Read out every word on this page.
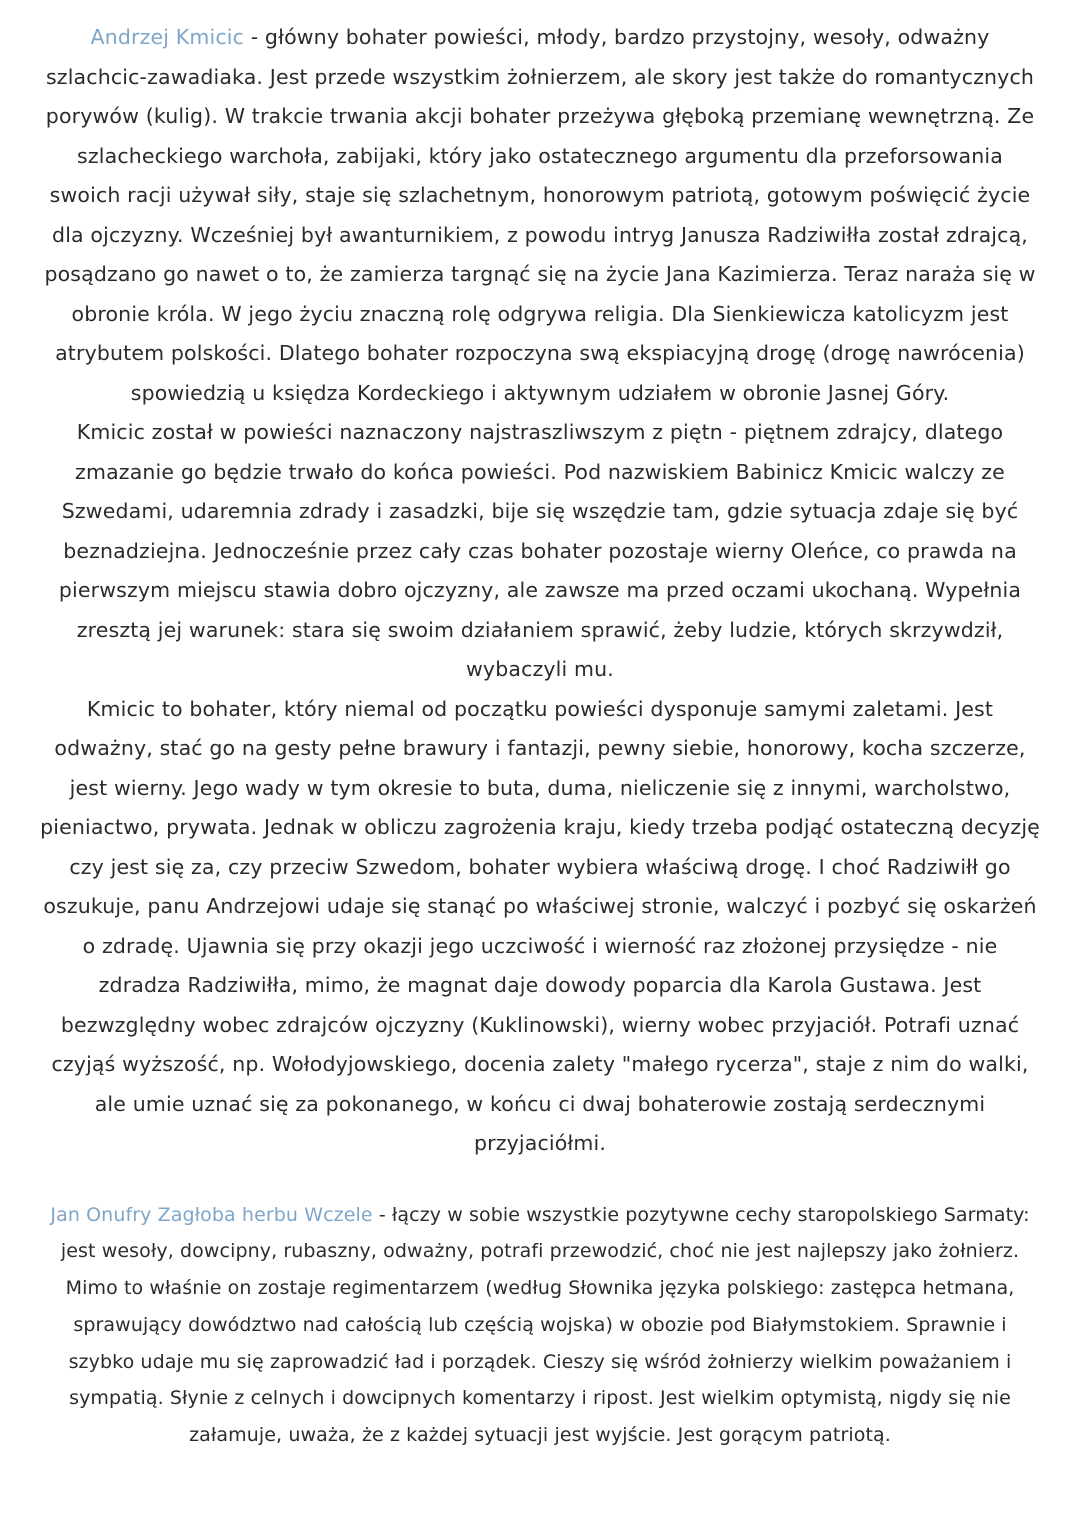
Andrzej Kmicic - główny bohater powieści, młody, bardzo przystojny, wesoły, odważny szlachcic-zawadiaka. Jest przede wszystkim żołnierzem, ale skory jest także do romantycznych porywów (kulig). W trakcie trwania akcji bohater przeżywa głęboką przemianę wewnętrzną. Ze szlacheckiego warchoła, zabijaki, który jako ostatecznego argumentu dla przeforsowania swoich racji używał siły, staje się szlachetnym, honorowym patriotą, gotowym poświęcić życie dla ojczyzny. Wcześniej był awanturnikiem, z powodu intryg Janusza Radziwiłła został zdrajcą, posądzano go nawet o to, że zamierza targnąć się na życie Jana Kazimierza. Teraz naraża się w obronie króla. W jego życiu znaczną rolę odgrywa religia. Dla Sienkiewicza katolicyzm jest atrybutem polskości. Dlatego bohater rozpoczyna swą ekspiacyjną drogę (drogę nawrócenia) spowiedzią u księdza Kordeckiego i aktywnym udziałem w obronie Jasnej Góry.

Kmicic został w powieści naznaczony najstraszliwszym z piętn - piętnem zdrajcy, dlatego zmazanie go będzie trwało do końca powieści. Pod nazwiskiem Babinicz Kmicic walczy ze Szwedami, udaremnia zdrady i zasadzki, bije się wszędzie tam, gdzie sytuacja zdaje się być beznadziejna. Jednocześnie przez cały czas bohater pozostaje wierny Oleńce, co prawda na pierwszym miejscu stawia dobro ojczyzny, ale zawsze ma przed oczami ukochaną. Wypełnia zresztą jej warunek: stara się swoim działaniem sprawić, żeby ludzie, których skrzywdził, wybaczyli mu.

Kmicic to bohater, który niemal od początku powieści dysponuje samymi zaletami. Jest odważny, stać go na gesty pełne brawury i fantazji, pewny siebie, honorowy, kocha szczerze, jest wierny. Jego wady w tym okresie to buta, duma, nieliczenie się z innymi, warcholstwo, pieniactwo, prywata. Jednak w obliczu zagrożenia kraju, kiedy trzeba podjąć ostateczną decyzję czy jest się za, czy przeciw Szwedom, bohater wybiera właściwą drogę. I choć Radziwiłł go oszukuje, panu Andrzejowi udaje się stanąć po właściwej stronie, walczyć i pozbyć się oskarżeń o zdradę. Ujawnia się przy okazji jego uczciwość i wierność raz złożonej przysiędze - nie zdradza Radziwiłła, mimo, że magnat daje dowody poparcia dla Karola Gustawa. Jest bezwzględny wobec zdrajców ojczyzny (Kuklinowski), wierny wobec przyjaciół. Potrafi uznać czyjąś wyższość, np. Wołodyjowskiego, docenia zalety "małego rycerza", staje z nim do walki, ale umie uznać się za pokonanego, w końcu ci dwaj bohaterowie zostają serdecznymi przyjaciółmi.

Jan Onufry Zagłoba herbu Wczele - łączy w sobie wszystkie pozytywne cechy staropolskiego Sarmaty: jest wesoły, dowcipny, rubaszny, odważny, potrafi przewodzić, choć nie jest najlepszy jako żołnierz. Mimo to właśnie on zostaje regimentarzem (według Słownika języka polskiego: zastępca hetmana, sprawujący dowództwo nad całością lub częścią wojska) w obozie pod Białymstokiem. Sprawnie i szybko udaje mu się zaprowadzić ład i porządek. Cieszy się wśród żołnierzy wielkim poważaniem i sympatią. Słynie z celnych i dowcipnych komentarzy i ripost. Jest wielkim optymistą, nigdy się nie załamuje, uważa, że z każdej sytuacji jest wyjście. Jest gorącym patriotą.
